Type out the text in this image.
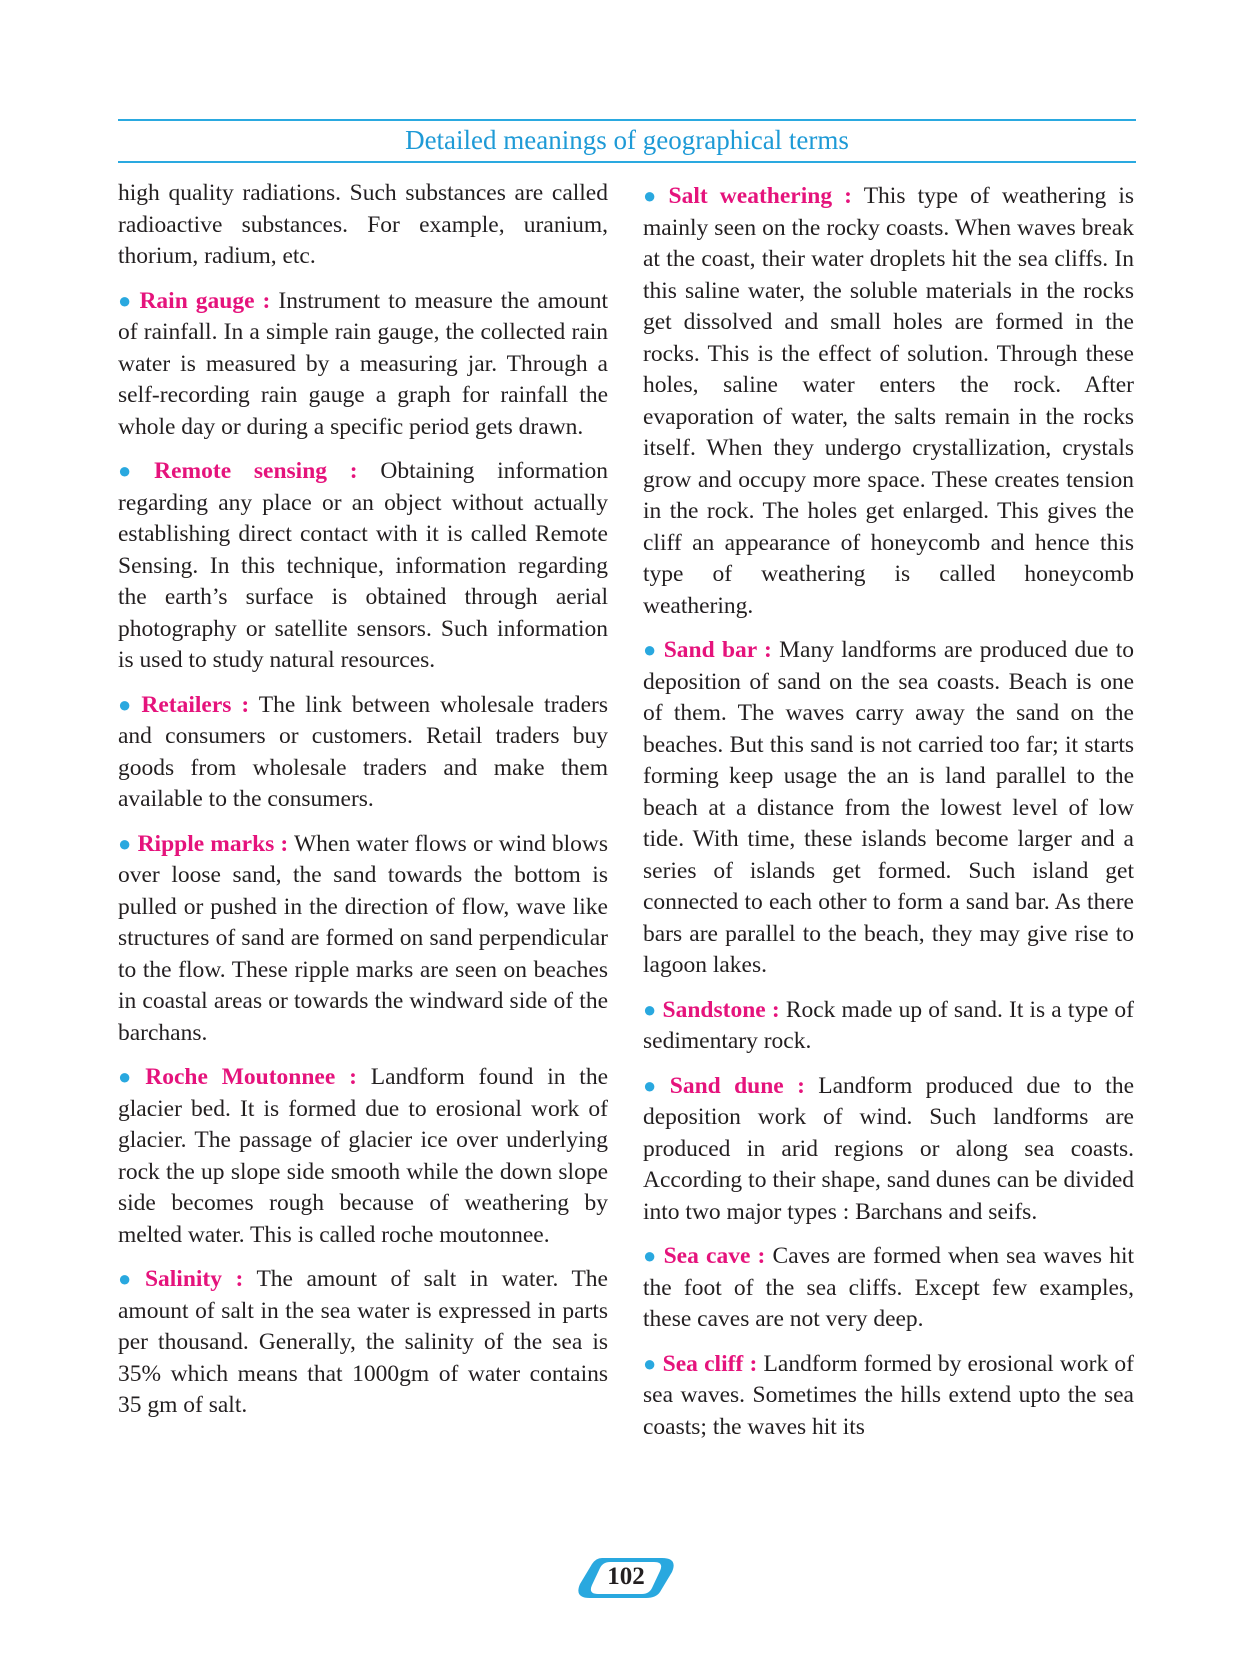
Detailed meanings of geographical terms

high quality radiations. Such substances are called radioactive substances. For example, uranium, thorium, radium, etc.

● Rain gauge : Instrument to measure the amount of rainfall. In a simple rain gauge, the collected rain water is measured by a measuring jar. Through a self-recording rain gauge a graph for rainfall the whole day or during a specific period gets drawn.

● Remote sensing : Obtaining information regarding any place or an object without actually establishing direct contact with it is called Remote Sensing. In this technique, information regarding the earth’s surface is obtained through aerial photography or satellite sensors. Such information is used to study natural resources.

● Retailers : The link between wholesale traders and consumers or customers. Retail traders buy goods from wholesale traders and make them available to the consumers.

● Ripple marks : When water flows or wind blows over loose sand, the sand towards the bottom is pulled or pushed in the direction of flow, wave like structures of sand are formed on sand perpendicular to the flow. These ripple marks are seen on beaches in coastal areas or towards the windward side of the barchans.

● Roche Moutonnee : Landform found in the glacier bed. It is formed due to erosional work of glacier. The passage of glacier ice over underlying rock the up slope side smooth while the down slope side becomes rough because of weathering by melted water. This is called roche moutonnee.

● Salinity : The amount of salt in water. The amount of salt in the sea water is expressed in parts per thousand. Generally, the salinity of the sea is 35% which means that 1000gm of water contains 35 gm of salt.

● Salt weathering : This type of weathering is mainly seen on the rocky coasts. When waves break at the coast, their water droplets hit the sea cliffs. In this saline water, the soluble materials in the rocks get dissolved and small holes are formed in the rocks. This is the effect of solution. Through these holes, saline water enters the rock. After evaporation of water, the salts remain in the rocks itself. When they undergo crystallization, crystals grow and occupy more space. These creates tension in the rock. The holes get enlarged. This gives the cliff an appearance of honeycomb and hence this type of weathering is called honeycomb weathering.

● Sand bar : Many landforms are produced due to deposition of sand on the sea coasts. Beach is one of them. The waves carry away the sand on the beaches. But this sand is not carried too far; it starts forming keep usage the an is land parallel to the beach at a distance from the lowest level of low tide. With time, these islands become larger and a series of islands get formed. Such island get connected to each other to form a sand bar. As there bars are parallel to the beach, they may give rise to lagoon lakes.

● Sandstone : Rock made up of sand. It is a type of sedimentary rock.

● Sand dune : Landform produced due to the deposition work of wind. Such landforms are produced in arid regions or along sea coasts. According to their shape, sand dunes can be divided into two major types : Barchans and seifs.

● Sea cave : Caves are formed when sea waves hit the foot of the sea cliffs. Except few examples, these caves are not very deep.

● Sea cliff : Landform formed by erosional work of sea waves. Sometimes the hills extend upto the sea coasts; the waves hit its

102
